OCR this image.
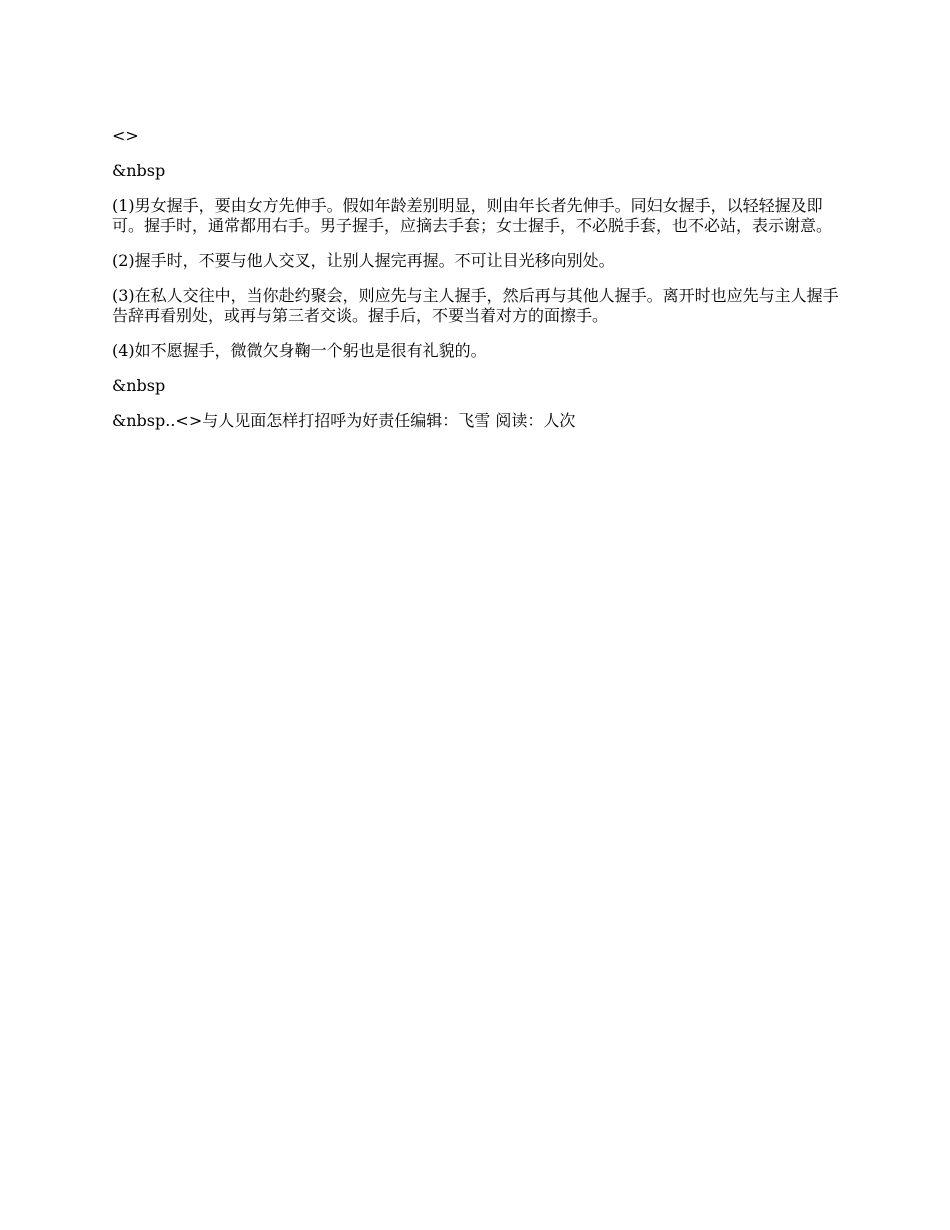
<>

&nbsp

(1)男女握手，要由女方先伸手。假如年龄差别明显，则由年长者先伸手。同妇女握手，以轻轻握及即可。握手时，通常都用右手。男子握手，应摘去手套；女士握手，不必脱手套，也不必站，表示谢意。

(2)握手时，不要与他人交叉，让别人握完再握。不可让目光移向别处。

(3)在私人交往中，当你赴约聚会，则应先与主人握手，然后再与其他人握手。离开时也应先与主人握手告辞再看别处，或再与第三者交谈。握手后，不要当着对方的面擦手。

(4)如不愿握手，微微欠身鞠一个躬也是很有礼貌的。

&nbsp

&nbsp..<>与人见面怎样打招呼为好责任编辑：飞雪 阅读：人次
